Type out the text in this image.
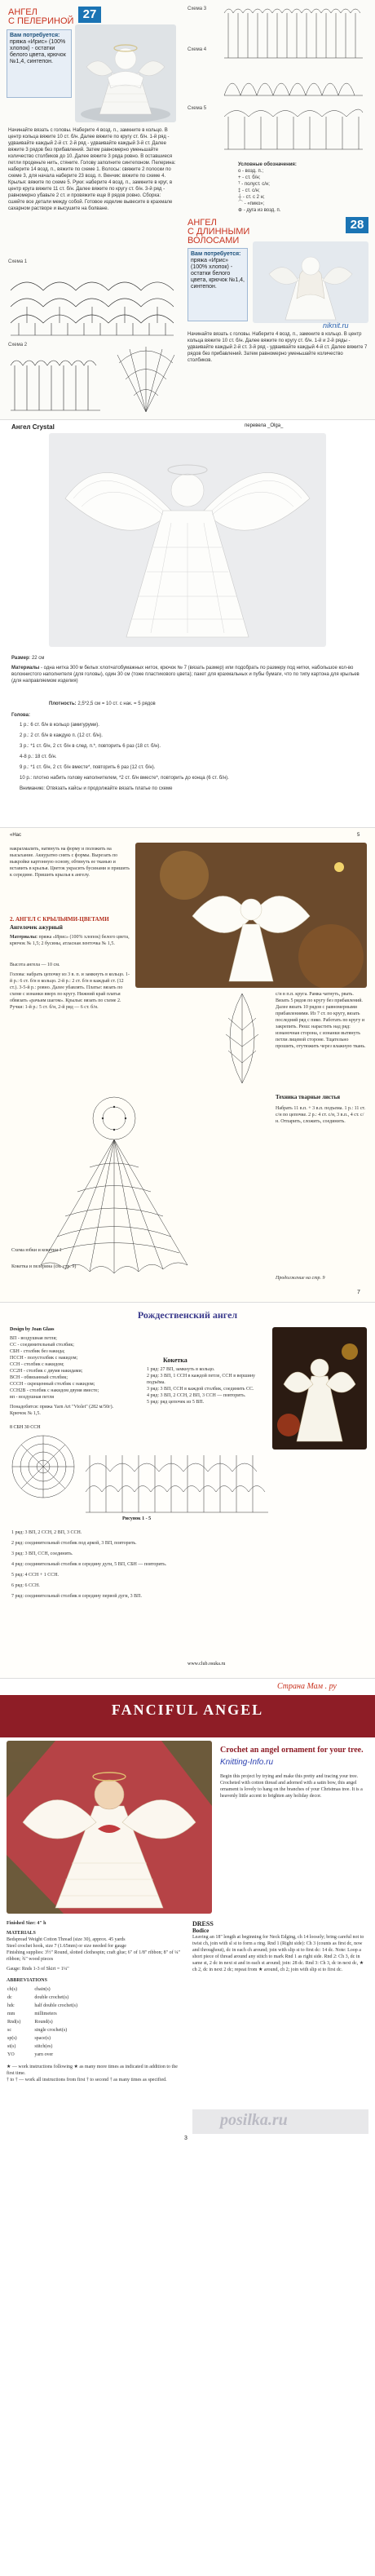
27
АНГЕЛ
С ПЕЛЕРИНОЙ
Вам потребуется:
пряжа «Ирис» (100% хлопок) - остатки белого цвета, крючок №1,4, синтепон.
Начинайте вязать с головы. Наберите 4 возд. п., замкните в кольцо. В центр кольца вяжите 10 ст. б/н. Далее вяжите по кругу ст. б/н. 1-й ряд - удваивайте каждый 2-й ст. 2-й ряд - удваивайте каждый 3-й ст. Далее вяжите 3 рядов без прибавлений. Затем равномерно уменьшайте количество столбиков до 10. Далее вяжите 3 ряда ровно. В оставшиеся петли проденьте нить, стяните. Голову заполните синтепоном. Пелерина: наберите 14 возд. п., вяжите по схеме 1. Волосы: свяжите 2 полоски по схеме 3, для начала наберите 23 возд. п. Венчик: вяжите по схеме 4. Крылья: вяжите по схеме 5. Руки: наберите 4 возд. п., замкните в круг, в центр круга вяжите 11 ст. б/н. Далее вяжите по кругу ст. б/н. 3-й ряд - равномерно убавьте 2 ст. и провяжите еще 8 рядов ровно. Сборка: сшейте все детали между собой. Готовое изделие вывесите в крахмале сахарном растворе и высушите на болване.
Схема 1
Схема 2
Схема 3
Схема 4
Схема 5
Условные обозначения:
о - возд. п.;
+ - ст. б/н;
ᵀ - полуст. с/н;
‡ - ст. с/н;
┼ - ст. с 2 н;
⌒ - «пико»;
⊕ - дуга из возд. п.
АНГЕЛ
С ДЛИННЫМИ
ВОЛОСАМИ
28
Вам потребуется:
пряжа «Ирис» (100% хлопок) - остатки белого цвета, крючок №1,4, синтепон.
niknit.ru
Начинайте вязать с головы. Наберите 4 возд. п., замкните в кольцо. В центр кольца вяжите 10 ст. б/н. Далее вяжите по кругу ст. б/н. 1-й и 2-й ряды - удваивайте каждый 2-й ст. 3-й ряд - удваивайте каждый 4-й ст. Далее вяжите 7 рядов без прибавлений. Затем равномерно уменьшайте количество столбиков.
Ангел Crystal	перевела _Olga_
Размер: 22 см
Материалы - одна нитка 300 м белых хлопчатобумажных ниток, крючок № 7 (вязать размер) или подобрать по размеру под нитки, набольшое кол-во волокнистого наполнителя (для головы), один 30 см (тоже пластикового цвета); пакет для крахмальных и пубы бумаги, что по типу картона для крыльев (для направляемом изделия)
Плотность: 2,5*2,5 см = 10 ст. с нак. = 5 рядов
Голова:
1 р.: 6 ст. б/н в кольцо (амигуруми).
2 р.: 2 ст. б/н в каждую п. (12 ст. б/н).
3 р.: *1 ст. б/н, 2 ст. б/н в след. п.*, повторить 6 раз (18 ст. б/н).
4-8 р.: 18 ст. б/н.
9 р.: *1 ст. б/н, 2 ст. б/н вместе*, повторить 6 раз (12 ст. б/н).
10 р.: плотно набить голову наполнителем, *2 ст. б/н вместе*, повторить до конца (6 ст. б/н).
Вниманию: Отвязать кайсы и продолжайте вязать платье по схеме
«Нас	5
накрахмалить, натянуть на форму и положить на высыхание. Аккуратно снять с формы. Вырезать по выкройке картонную основу, обтянуть ее тканью и вставить в крылья. Цветок украсить бусинами и пришить к середине. Пришить крылья к ангелу.
2. АНГЕЛ С КРЫЛЬЯМИ-ЦВЕТАМИ
Ангелочек ажурный
Материалы: пряжа «Ирис» (100% хлопок) белого цвета, крючок № 1,5; 2 бусины, атласная ленточка № 1,5.
Высота ангела — 10 см.
Голова: набрать цепочку из 3 в. п. и замкнуть в кольцо. 1-й р.: 6 ст. б/н в кольцо. 2-й р.: 2 ст. б/н в каждый ст. (12 ст.). 3-5-й р.: ровно. Далее убавлять. Платье: вязать по схеме с изнанки вверх по кругу. Нижний край платья обвязать «рачьим шагом». Крылья: вязать по схеме 2. Ручки: 1-й р.: 5 ст. б/н, 2-й ряд — 6 ст. б/н.
Схема юбки и кокетки 1
Кокетка и пелерина (см. стр. 9)
с/н в п.п. круга. Рамка чатнуть, рвать. Вязать 5 рядов по кругу без прибавлений. Далее вязать 10 рядов с равномерными прибавлениями. Из 7 ст. по кругу, вязать последний ряд с пико. Работать по кругу и закрепить. Рюш: нарастить над ряд: изнаночная сторона, с изнанки вытянуть петли лицевой стороне. Тщательно прошить, отутюжить через влажную ткань.
Техника тварные листья
Набрать 11 в.п. + 3 в.п. подъема. 1 р.: 11 ст. с/н по цепочке. 2 р.: 4 ст. с/н, 3 в.п., 4 ст. с/н. Отпарить, сложить, соединить.
Продолжение на стр. 9
7
Рождественский ангел
Design by Joan Glass
ВП - воздушная петля;
СС - соединительный столбик;
СБН - столбик без накида;
ПССН - полустолбик с накидом;
ССН - столбик с накидом;
СС2Н - столбик с двумя накидами;
ВСН - обвязанный столбик;
СССН - скрещенный столбик с накидом;
ССН2В - столбик с накидом двумя вместе;
вп - воздушная петля
Понадобится: пряжа Yarn Art "Violet" (282 м/50г).
Крючок № 1,5.
Кокетка
1 ряд: 27 ВП, замкнуть в кольцо.
2 ряд: 3 ВП, 1 ССН в каждой петле, ССН в вершину подъёма.
3 ряд: 3 ВП, ССН в каждой столбик, соединить СС.
4 ряд: 3 ВП, 2 ССН, 2 ВП, 3 ССН — повторить.
5 ряд: ряд цепочек из 5 ВП.
8 СБН 30 ССН
Рисунок 1 - 5
1 ряд: 3 ВП, 2 ССН, 2 ВП, 3 ССН.
2 ряд: соединительный столбик под аркой, 3 ВП, повторить.
3 ряд: 3 ВП, ССН, соединить.
4 ряд: соединительный столбик в середину дуги, 5 ВП, СБН — повторить.
5 ряд: 4 ССН + 1 ССН.
6 ряд: 6 ССН.
7 ряд: соединительный столбик в середину первой дуги, 3 ВП.
www.club.osuka.ru
Страна Мам . ру
FANCIFUL ANGEL
Crochet an angel ornament for your tree.
Knitting-Info.ru
Begin this project by trying and make this pretty and tracing your tree. Crocheted with cotton thread and adorned with a satin bow, this angel ornament is lovely to hang on the branches of your Christmas tree. It is a heavenly little accent to brighten any holiday decor.
Finished Size: 4" h
MATERIALS
Bedspread Weight Cotton Thread (size 30), approx. 45 yards
Steel crochet hook, size 7 (1.65mm) or size needed for gauge
Finishing supplies: 3½" Round, slotted clothespin; craft glue; 6" of 1/8" ribbon; 8" of ¼" ribbon; ¾" wood pieces
Gauge: Rnds 1-3 of Skirt = 1¼"
ABBREVIATIONS
ch(s)	chain(s)
dc	double crochet(s)
hdc	half double crochet(s)
mm	millimeters
Rnd(s)	Round(s)
sc	single crochet(s)
sp(s)	space(s)
st(s)	stitch(es)
YO	yarn over
★ — work instructions following ★ as many more times as indicated in addition to the first time.
† to † — work all instructions from first † to second † as many times as specified.
DRESS
Bodice
Leaving an 18" length at beginning for Neck Edging, ch 14 loosely; bring careful not to twist ch, join with sl st to form a ring. Rnd 1 (Right side): Ch 3 (counts as first dc, now and throughout), dc in each ch around; join with slip st to first dc: 14 dc. Note: Loop a short piece of thread around any stitch to mark Rnd 1 as right side. Rnd 2: Ch 3, dc in same st, 2 dc in next st and in each st around; join: 28 dc. Rnd 3: Ch 3, dc in next dc, ★ ch 2, dc in next 2 dc; repeat from ★ around, ch 2; join with slip st to first dc.
posilka.ru
3
